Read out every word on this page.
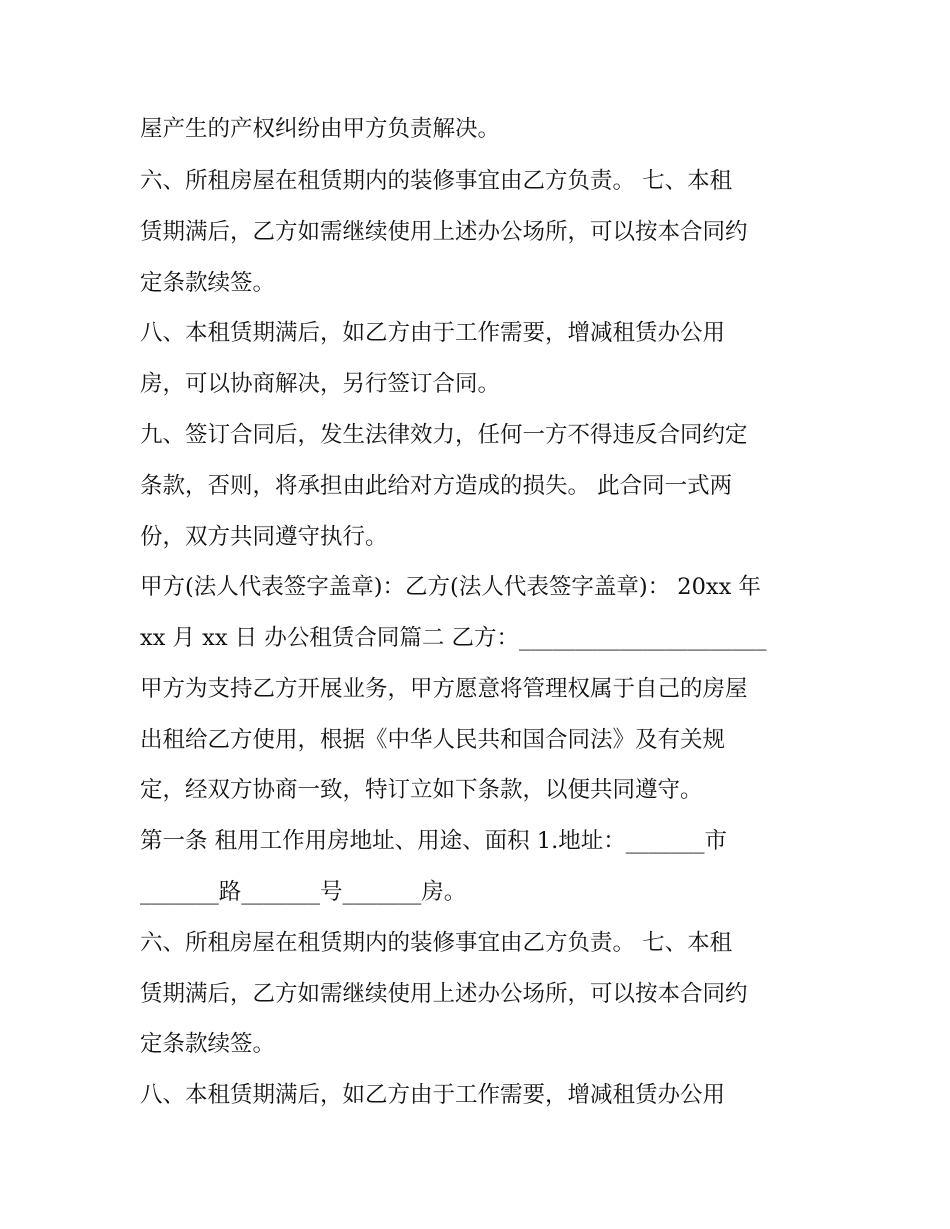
屋产生的产权纠纷由甲方负责解决。
六、所租房屋在租赁期内的装修事宜由乙方负责。 七、本租
赁期满后，乙方如需继续使用上述办公场所，可以按本合同约
定条款续签。
八、本租赁期满后，如乙方由于工作需要，增减租赁办公用
房，可以协商解决，另行签订合同。
九、签订合同后，发生法律效力，任何一方不得违反合同约定
条款，否则，将承担由此给对方造成的损失。 此合同一式两
份，双方共同遵守执行。
甲方(法人代表签字盖章)：乙方(法人代表签字盖章)： 20xx 年
xx 月 xx 日 办公租赁合同篇二 乙方：______________________
甲方为支持乙方开展业务，甲方愿意将管理权属于自己的房屋
出租给乙方使用，根据《中华人民共和国合同法》及有关规
定，经双方协商一致，特订立如下条款，以便共同遵守。
第一条 租用工作用房地址、用途、面积 1.地址：_______市
_______路_______号_______房。
六、所租房屋在租赁期内的装修事宜由乙方负责。 七、本租
赁期满后，乙方如需继续使用上述办公场所，可以按本合同约
定条款续签。
八、本租赁期满后，如乙方由于工作需要，增减租赁办公用
